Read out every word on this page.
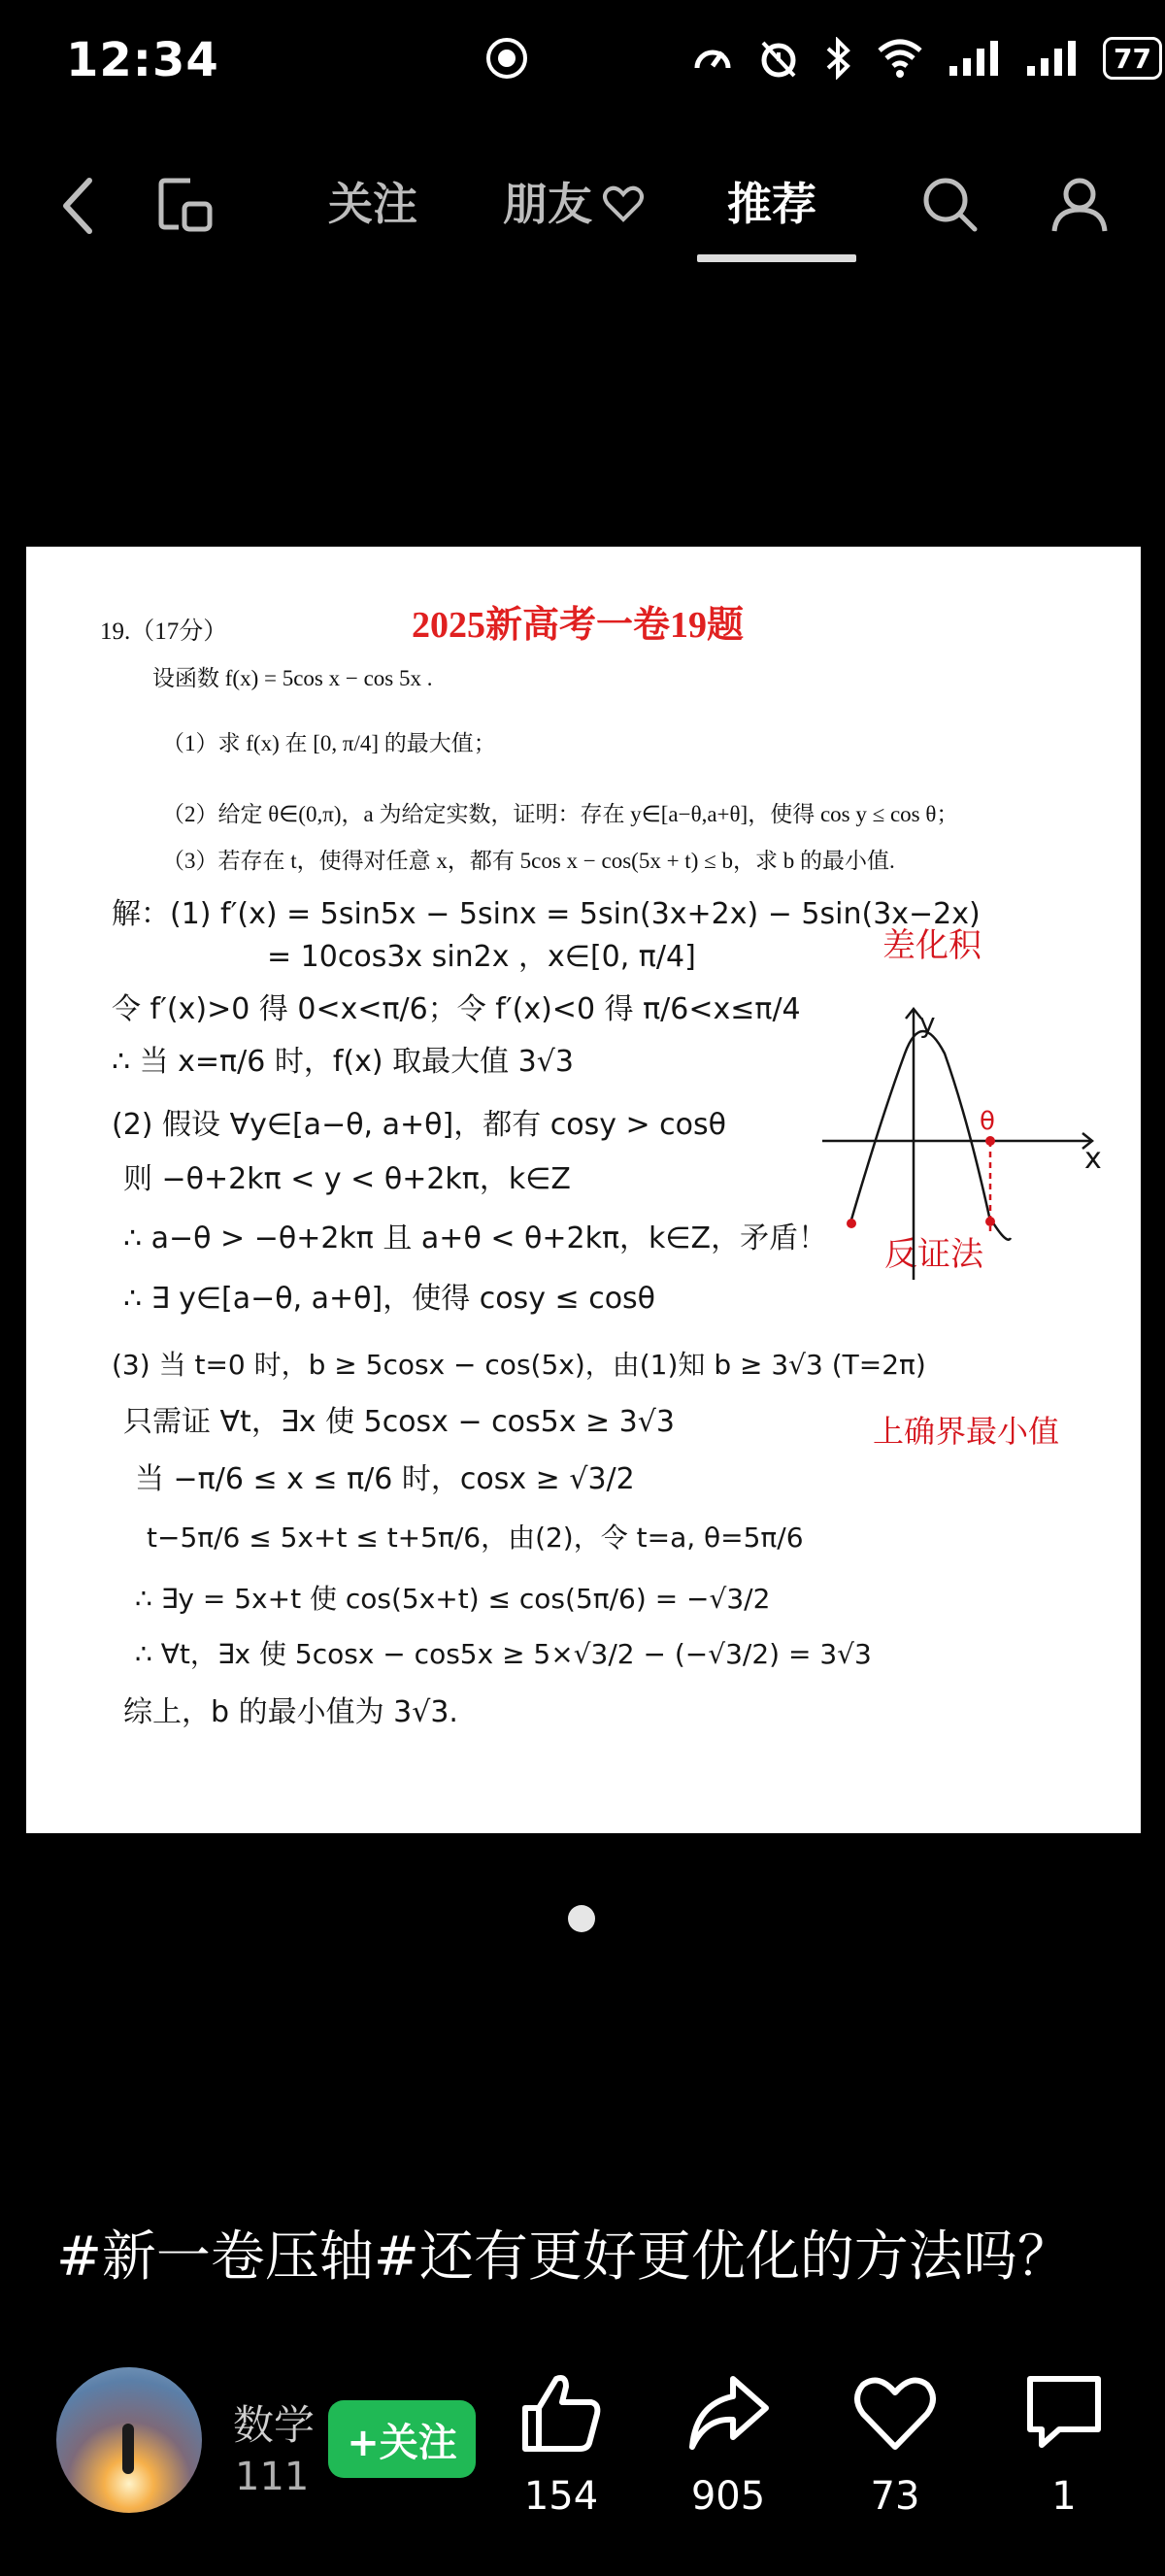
12:34	77
关注 朋友	推荐
19.（17分）	2025新高考一卷19题
设函数 f(x) = 5cos x − cos 5x .
（1）求 f(x) 在 [0, π/4] 的最大值；
（2）给定 θ∈(0,π)，a 为给定实数，证明：存在 y∈[a−θ,a+θ]，使得 cos y ≤ cos θ；
（3）若存在 t，使得对任意 x，都有 5cos x − cos(5x + t) ≤ b，求 b 的最小值.
解：(1) f′(x) = 5sin5x − 5sinx = 5sin(3x+2x) − 5sin(3x−2x)
= 10cos3x sin2x ，x∈[0, π/4]
令 f′(x)>0 得 0<x<π/6；令 f′(x)<0 得 π/6<x≤π/4
∴ 当 x=π/6 时，f(x) 取最大值 3√3
(2) 假设 ∀y∈[a−θ, a+θ]，都有 cosy > cosθ
则 −θ+2kπ < y < θ+2kπ，k∈Z
∴ a−θ > −θ+2kπ 且 a+θ < θ+2kπ，k∈Z，矛盾！
∴ ∃ y∈[a−θ, a+θ]，使得 cosy ≤ cosθ
(3) 当 t=0 时，b ≥ 5cosx − cos(5x)，由(1)知 b ≥ 3√3 (T=2π)
只需证 ∀t，∃x 使 5cosx − cos5x ≥ 3√3
当 −π/6 ≤ x ≤ π/6 时，cosx ≥ √3/2
t−5π/6 ≤ 5x+t ≤ t+5π/6，由(2)，令 t=a, θ=5π/6
∴ ∃y = 5x+t 使 cos(5x+t) ≤ cos(5π/6) = −√3/2
∴ ∀t，∃x 使 5cosx − cos5x ≥ 5×√3/2 − (−√3/2) = 3√3
综上，b 的最小值为 3√3.
差化积
反证法
上确界最小值
y
x
θ
#新一卷压轴#还有更好更优化的方法吗？
数学
111
+关注
154	905	73	1
